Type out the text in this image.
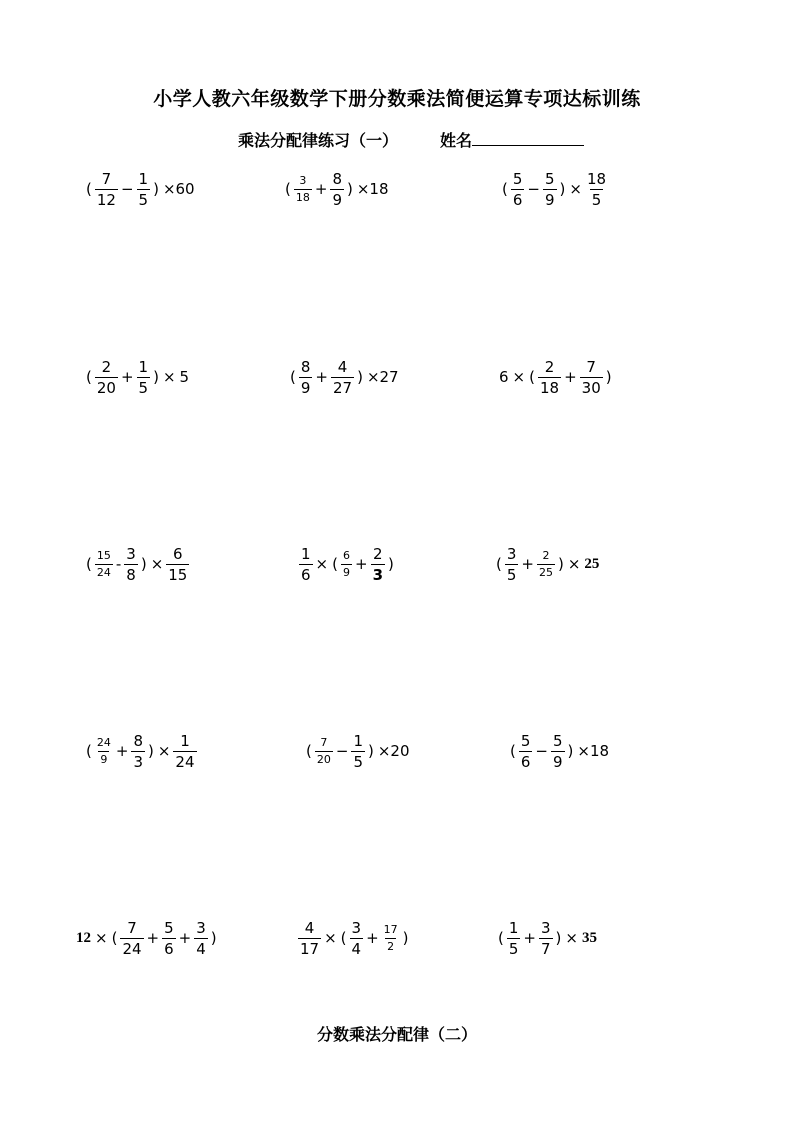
小学人教六年级数学下册分数乘法简便运算专项达标训练
乘法分配律练习（一）	姓名
( $\frac{7}{12} - \frac{1}{5}$ ) ×60	( $\frac{3}{18} + \frac{8}{9}$ ) ×18	( $\frac{5}{6} - \frac{5}{9}$ ) × $\frac{18}{5}$
( $\frac{2}{20} + \frac{1}{5}$ ) × 5	( $\frac{8}{9} + \frac{4}{27}$ ) ×27	6 × ( $\frac{2}{18} + \frac{7}{30}$ )
( $\frac{15}{24} - \frac{3}{8}$ ) × $\frac{6}{15}$	$\frac{1}{6}$ × ( $\frac{6}{9} + \frac{2}{3}$ )	( $\frac{3}{5} + \frac{2}{25}$ ) × 25
( $\frac{24}{9} + \frac{8}{3}$ ) × $\frac{1}{24}$	( $\frac{7}{20} - \frac{1}{5}$ ) ×20	( $\frac{5}{6} - \frac{5}{9}$ ) ×18
12 × ( $\frac{7}{24} + \frac{5}{6} + \frac{3}{4}$ )	$\frac{4}{17}$ × ( $\frac{3}{4} + \frac{17}{2}$ )	( $\frac{1}{5} + \frac{3}{7}$ ) × 35
分数乘法分配律（二）
